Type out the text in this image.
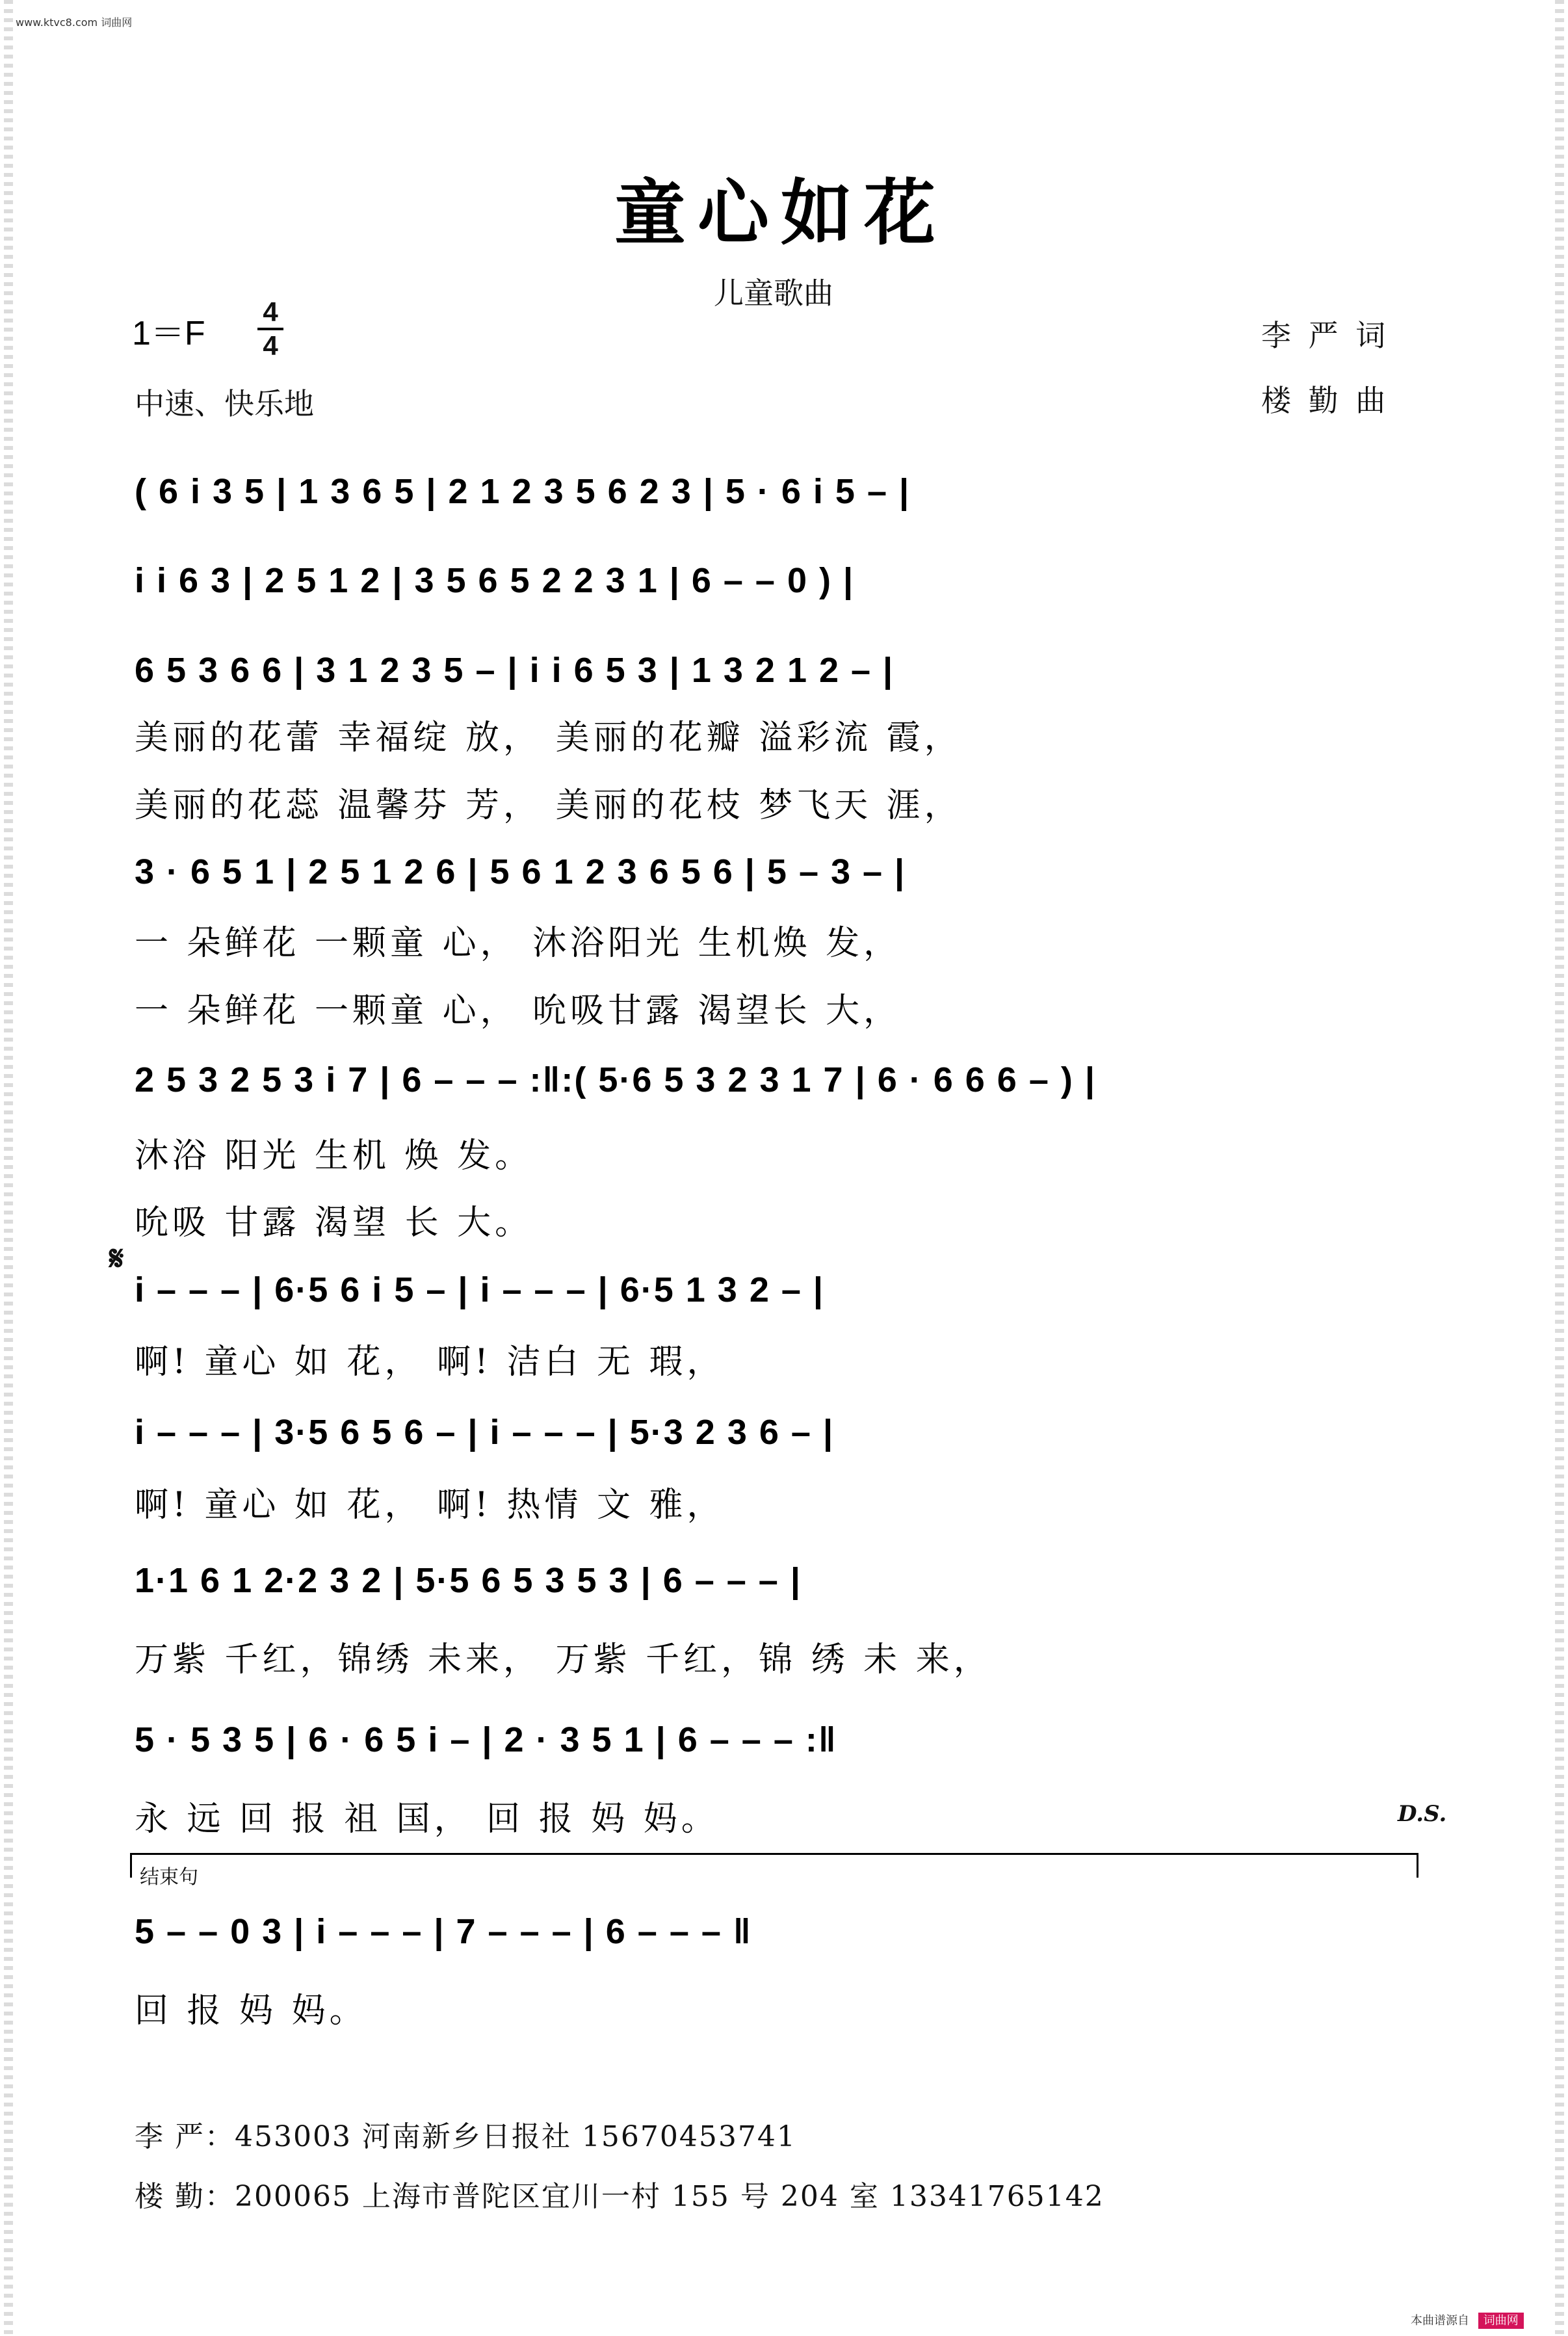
www.ktvc8.com 词曲网
童心如花
儿童歌曲
1＝F
4
4
中速、快乐地
李 严 词
楼 勤 曲
( 6 i 3 5 | 1 3 6 5 | 2 1 2 3 5 6 2 3 | 5 · 6 i 5 – |
i i 6 3 | 2 5 1 2 | 3 5 6 5 2 2 3 1 | 6 – – 0 ) |
6 5 3 6 6 | 3 1 2 3 5 – | i i 6 5 3 | 1 3 2 1 2 – |
美丽的花蕾 幸福绽 放， 美丽的花瓣 溢彩流 霞，
美丽的花蕊 温馨芬 芳， 美丽的花枝 梦飞天 涯，
3 · 6 5 1 | 2 5 1 2 6 | 5 6 1 2 3 6 5 6 | 5 – 3 – |
一 朵鲜花 一颗童 心， 沐浴阳光 生机焕 发，
一 朵鲜花 一颗童 心， 吮吸甘露 渴望长 大，
2 5 3 2 5 3 i 7 | 6 – – – :‖:( 5·6 5 3 2 3 1 7 | 6 · 6 6 6 – ) |
沐浴 阳光 生机 焕 发。
吮吸 甘露 渴望 长 大。
𝄋
i – – – | 6·5 6 i 5 – | i – – – | 6·5 1 3 2 – |
啊! 童心 如 花， 啊! 洁白 无 瑕，
i – – – | 3·5 6 5 6 – | i – – – | 5·3 2 3 6 – |
啊! 童心 如 花， 啊! 热情 文 雅，
1·1 6 1 2·2 3 2 | 5·5 6 5 3 5 3 | 6 – – – |
万紫 千红，锦绣 未来， 万紫 千红，锦 绣 未 来，
5 · 5 3 5 | 6 · 6 5 i – | 2 · 3 5 1 | 6 – – – :‖
永 远 回 报 祖 国， 回 报 妈 妈。	D.S.
结束句
5 – – 0 3 | i – – – | 7 – – – | 6 – – – ‖
回 报 妈 妈。
李 严：453003 河南新乡日报社 15670453741
楼 勤：200065 上海市普陀区宜川一村 155 号 204 室 13341765142
本曲谱源自 词曲网
